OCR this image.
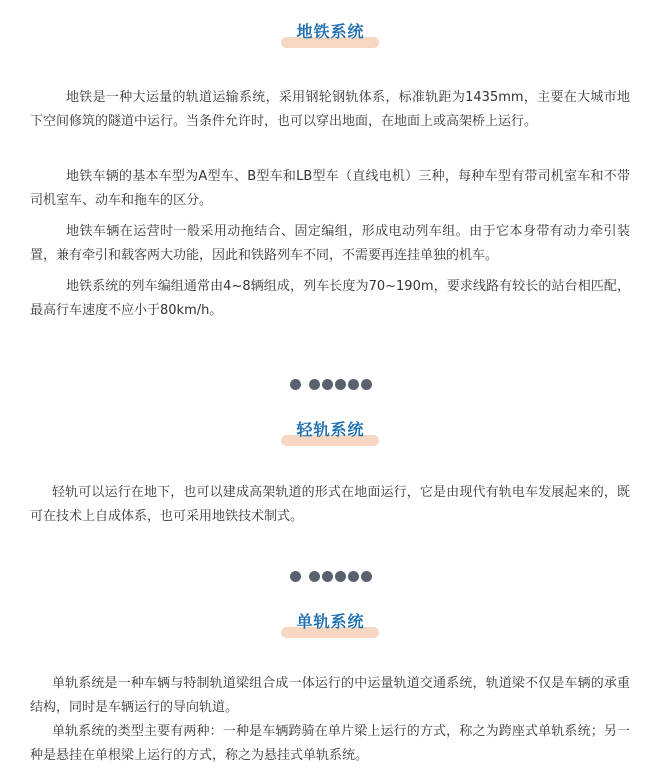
地铁系统

地铁是一种大运量的轨道运输系统，采用钢轮钢轨体系，标准轨距为1435mm，主要在大城市地下空间修筑的隧道中运行。当条件允许时，也可以穿出地面，在地面上或高架桥上运行。

地铁车辆的基本车型为A型车、B型车和LB型车（直线电机）三种，每种车型有带司机室车和不带司机室车、动车和拖车的区分。

地铁车辆在运营时一般采用动拖结合、固定编组，形成电动列车组。由于它本身带有动力牵引装置，兼有牵引和载客两大功能，因此和铁路列车不同，不需要再连挂单独的机车。

地铁系统的列车编组通常由4~8辆组成，列车长度为70~190m，要求线路有较长的站台相匹配，最高行车速度不应小于80km/h。

轻轨系统

轻轨可以运行在地下，也可以建成高架轨道的形式在地面运行，它是由现代有轨电车发展起来的，既可在技术上自成体系，也可采用地铁技术制式。

单轨系统

单轨系统是一种车辆与特制轨道梁组合成一体运行的中运量轨道交通系统，轨道梁不仅是车辆的承重结构，同时是车辆运行的导向轨道。

单轨系统的类型主要有两种：一种是车辆跨骑在单片梁上运行的方式，称之为跨座式单轨系统；另一种是悬挂在单根梁上运行的方式，称之为悬挂式单轨系统。
